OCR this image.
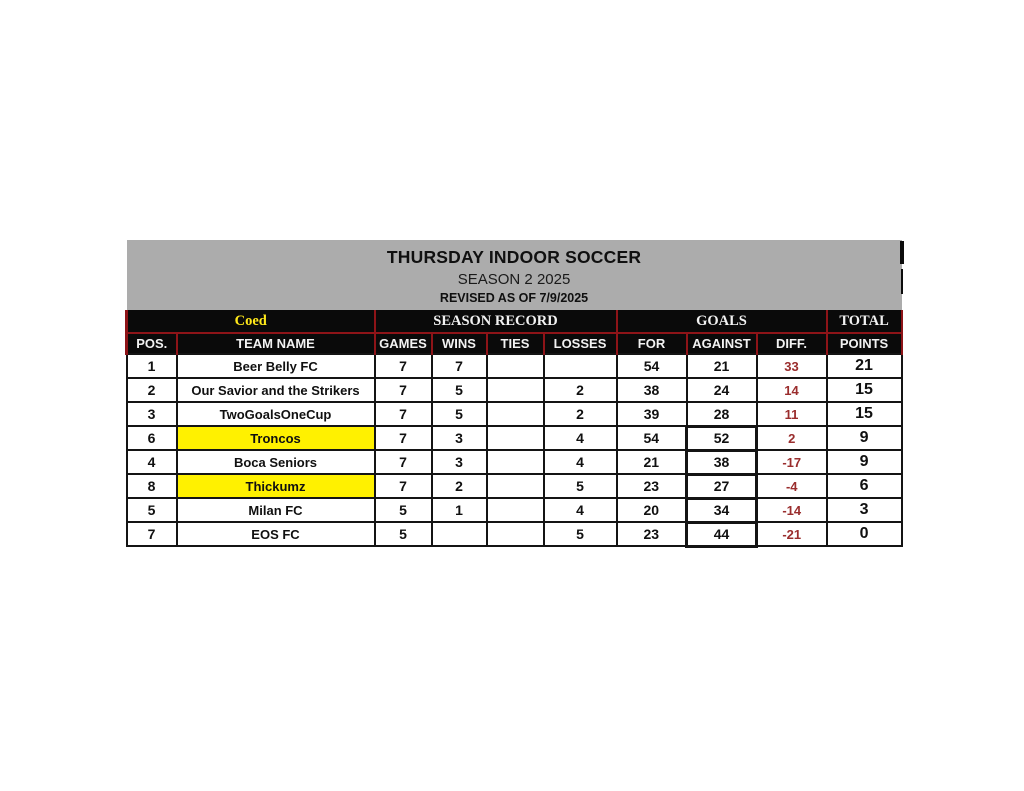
THURSDAY INDOOR SOCCER
SEASON 2 2025
REVISED AS OF 7/9/2025									

Coed		SEASON RECORD				GOALS			TOTAL
POS.	TEAM NAME	GAMES	WINS	TIES	LOSSES	FOR	AGAINST	DIFF.	POINTS
1	Beer Belly FC	7	7			54	21	33	21
2	Our Savior and the Strikers	7	5		2	38	24	14	15
3	TwoGoalsOneCup	7	5		2	39	28	11	15
6	Troncos	7	3		4	54	52	2	9
4	Boca Seniors	7	3		4	21	38	-17	9
8	Thickumz	7	2		5	23	27	-4	6
5	Milan FC	5	1		4	20	34	-14	3
7	EOS FC	5			5	23	44	-21	0
